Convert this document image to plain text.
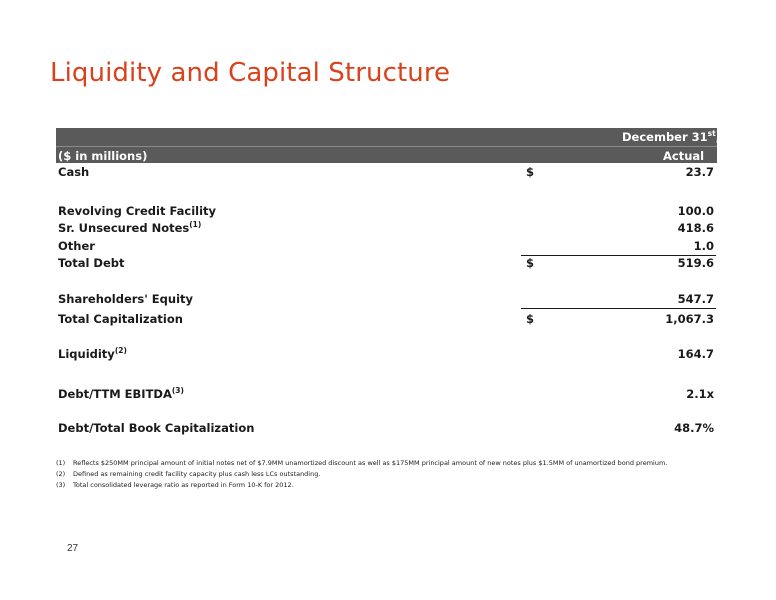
Liquidity and Capital Structure
December 31st, 2012
($ in millions)	Actual
Cash	$	23.7
Revolving Credit Facility	100.0
Sr. Unsecured Notes$^{(1)}$	418.6
Other	1.0
Total Debt	$	519.6
Shareholders' Equity	547.7
Total Capitalization	$	1,067.3
Liquidity$^{(2)}$	164.7
Debt/TTM EBITDA$^{(3)}$	2.1x
Debt/Total Book Capitalization	48.7%
(1) Reflects $250MM principal amount of initial notes net of $7.9MM unamortized discount as well as $175MM principal amount of new notes plus $1.5MM of unamortized bond premium.
(2) Defined as remaining credit facility capacity plus cash less LCs outstanding.
(3) Total consolidated leverage ratio as reported in Form 10-K for 2012.
27
